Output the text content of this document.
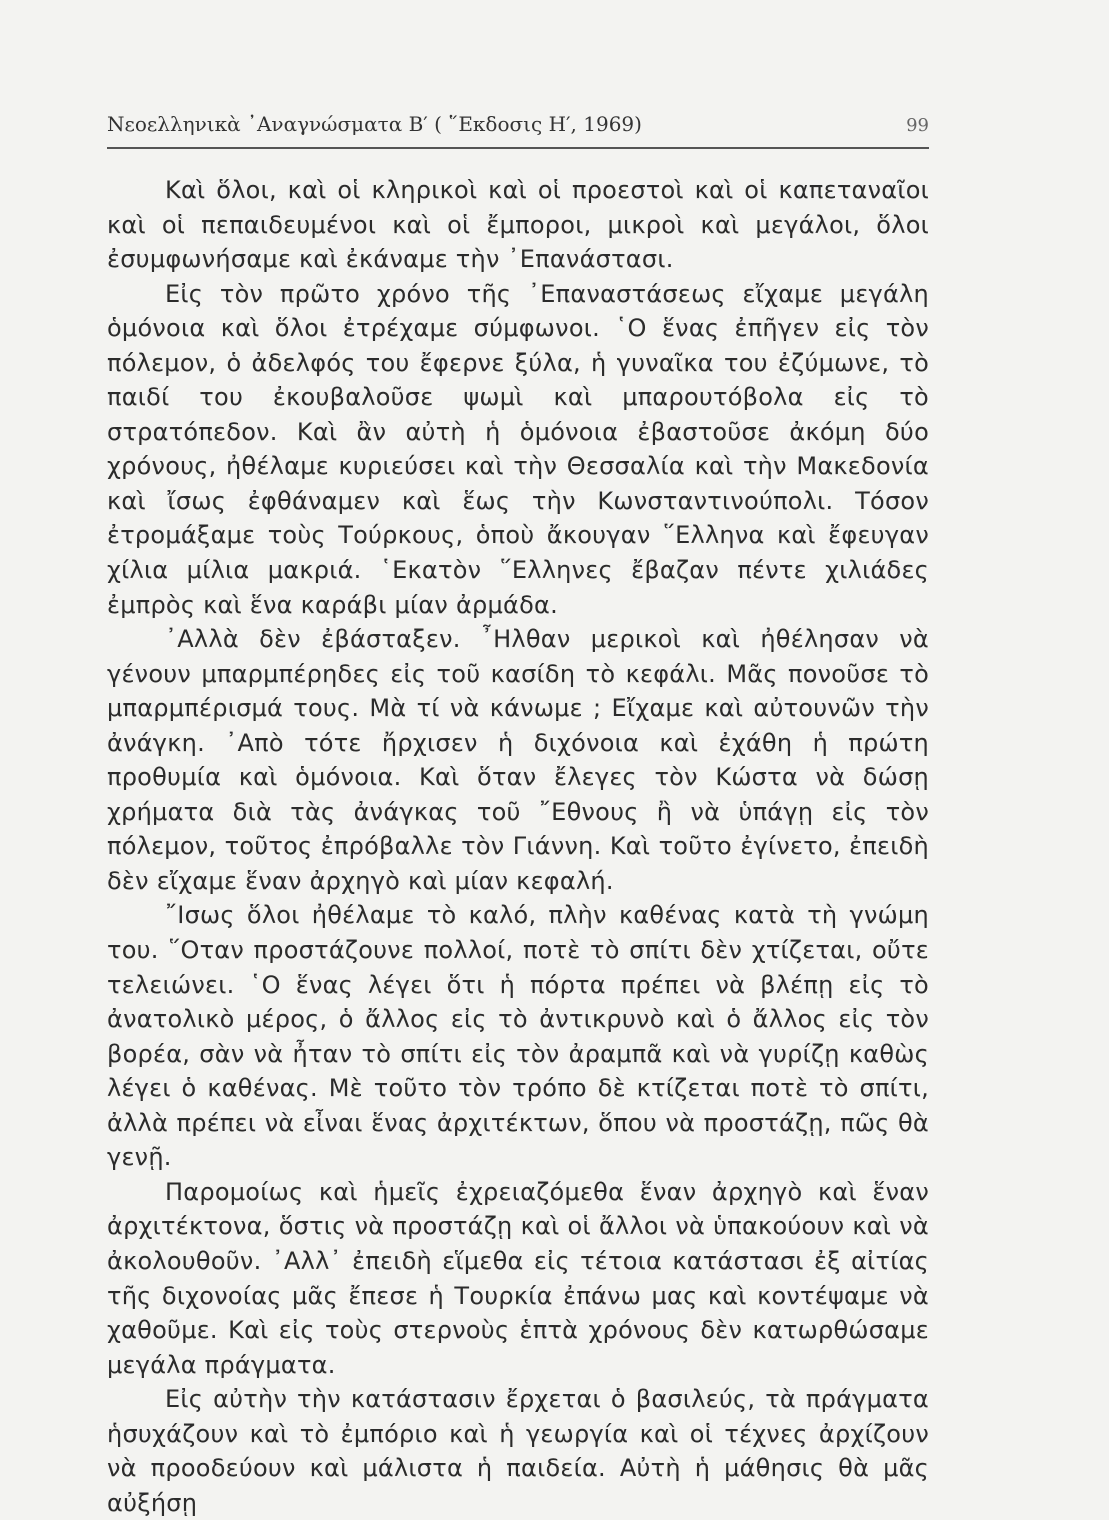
Νεοελληνικὰ ᾿Αναγνώσματα Β′ ( ῞Εκδοσις Η′, 1969)	99

Καὶ ὅλοι, καὶ οἱ κληρικοὶ καὶ οἱ προεστοὶ καὶ οἱ καπεταναῖοι καὶ οἱ πεπαιδευμένοι καὶ οἱ ἔμποροι, μικροὶ καὶ μεγάλοι, ὅλοι ἐσυμφωνήσαμε καὶ ἐκάναμε τὴν ᾿Επανάστασι.

Εἰς τὸν πρῶτο χρόνο τῆς ᾿Επαναστάσεως εἴχαμε μεγάλη ὁμόνοια καὶ ὅλοι ἐτρέχαμε σύμφωνοι. ῾Ο ἕνας ἐπῆγεν εἰς τὸν πόλεμον, ὁ ἀδελφός του ἔφερνε ξύλα, ἡ γυναῖκα του ἐζύμωνε, τὸ παιδί του ἐκουβαλοῦσε ψωμὶ καὶ μπαρουτόβολα εἰς τὸ στρατόπεδον. Καὶ ἂν αὐτὴ ἡ ὁμόνοια ἐβαστοῦσε ἀκόμη δύο χρόνους, ἠθέλαμε κυριεύσει καὶ τὴν Θεσσαλία καὶ τὴν Μακεδονία καὶ ἴσως ἐφθάναμεν καὶ ἕως τὴν Κωνσταντινούπολι. Τόσον ἐτρομάξαμε τοὺς Τούρκους, ὁποὺ ἄκουγαν ῞Ελληνα καὶ ἔφευγαν χίλια μίλια μακριά. ῾Εκατὸν ῞Ελληνες ἔβαζαν πέντε χιλιάδες ἐμπρὸς καὶ ἕνα καράβι μίαν ἀρμάδα.

᾿Αλλὰ δὲν ἐβάσταξεν. ῏Ηλθαν μερικοὶ καὶ ἠθέλησαν νὰ γένουν μπαρμπέρηδες εἰς τοῦ κασίδη τὸ κεφάλι. Μᾶς πονοῦσε τὸ μπαρμπέρισμά τους. Μὰ τί νὰ κάνωμε ; Εἴχαμε καὶ αὐτουνῶν τὴν ἀνάγκη. ᾿Απὸ τότε ἤρχισεν ἡ διχόνοια καὶ ἐχάθη ἡ πρώτη προθυμία καὶ ὁμόνοια. Καὶ ὅταν ἔλεγες τὸν Κώστα νὰ δώσῃ χρήματα διὰ τὰς ἀνάγκας τοῦ ῎Εθνους ἢ νὰ ὑπάγῃ εἰς τὸν πόλεμον, τοῦτος ἐπρόβαλλε τὸν Γιάννη. Καὶ τοῦτο ἐγίνετο, ἐπειδὴ δὲν εἴχαμε ἕναν ἀρχηγὸ καὶ μίαν κεφαλή.

῎Ισως ὅλοι ἠθέλαμε τὸ καλό, πλὴν καθένας κατὰ τὴ γνώμη του. ῞Οταν προστάζουνε πολλοί, ποτὲ τὸ σπίτι δὲν χτίζεται, οὔτε τελειώνει. ῾Ο ἕνας λέγει ὅτι ἡ πόρτα πρέπει νὰ βλέπῃ εἰς τὸ ἀνατολικὸ μέρος, ὁ ἄλλος εἰς τὸ ἀντικρυνὸ καὶ ὁ ἄλλος εἰς τὸν βορέα, σὰν νὰ ἦταν τὸ σπίτι εἰς τὸν ἀραμπᾶ καὶ νὰ γυρίζῃ καθὼς λέγει ὁ καθένας. Μὲ τοῦτο τὸν τρόπο δὲ κτίζεται ποτὲ τὸ σπίτι, ἀλλὰ πρέπει νὰ εἶναι ἕνας ἀρχιτέκτων, ὅπου νὰ προστάζῃ, πῶς θὰ γενῇ.

Παρομοίως καὶ ἡμεῖς ἐχρειαζόμεθα ἕναν ἀρχηγὸ καὶ ἕναν ἀρχιτέκτονα, ὅστις νὰ προστάζῃ καὶ οἱ ἄλλοι νὰ ὑπακούουν καὶ νὰ ἀκολουθοῦν. ᾿Αλλ᾿ ἐπειδὴ εἵμεθα εἰς τέτοια κατάστασι ἐξ αἰτίας τῆς διχονοίας μᾶς ἔπεσε ἡ Τουρκία ἐπάνω μας καὶ κοντέψαμε νὰ χαθοῦμε. Καὶ εἰς τοὺς στερνοὺς ἑπτὰ χρόνους δὲν κατωρθώσαμε μεγάλα πράγματα.

Εἰς αὐτὴν τὴν κατάστασιν ἔρχεται ὁ βασιλεύς, τὰ πράγματα ἡσυχάζουν καὶ τὸ ἐμπόριο καὶ ἡ γεωργία καὶ οἱ τέχνες ἀρχίζουν νὰ προοδεύουν καὶ μάλιστα ἡ παιδεία. Αὐτὴ ἡ μάθησις θὰ μᾶς αὐξήσῃ
